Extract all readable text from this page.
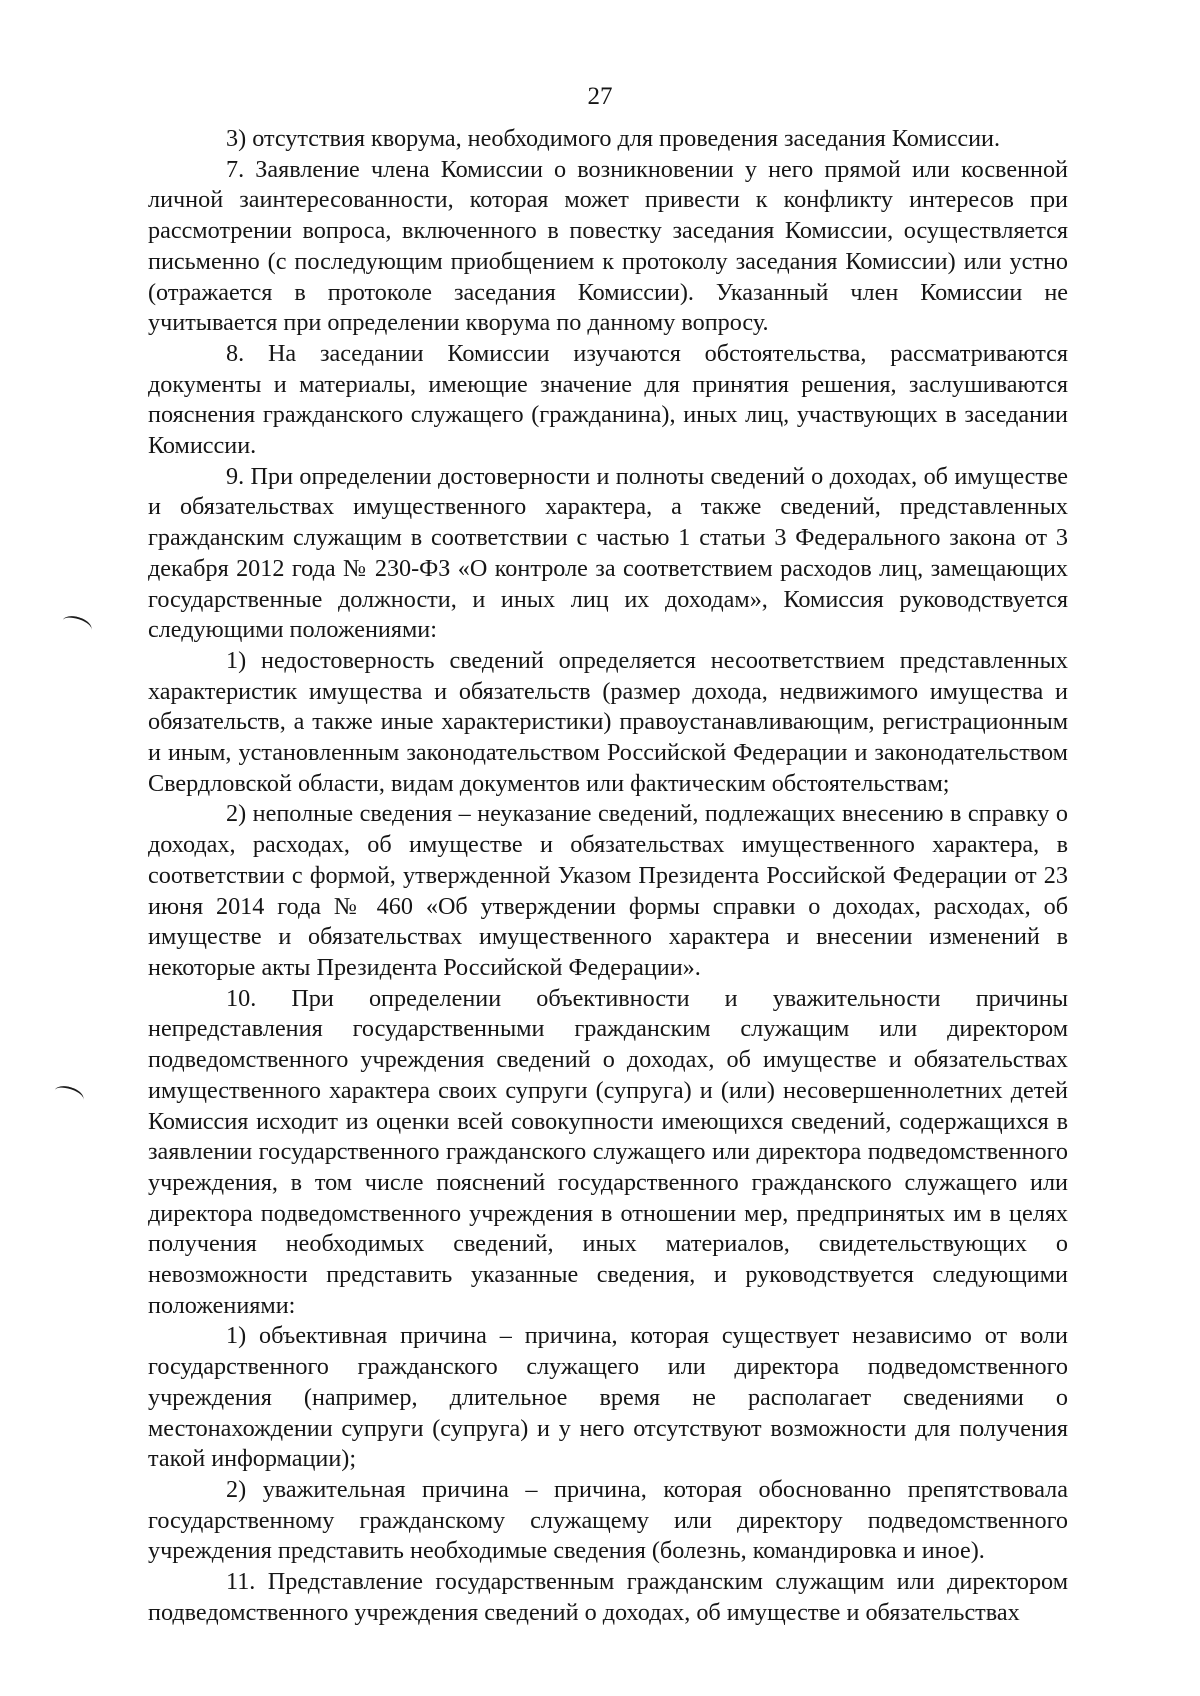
27

3) отсутствия кворума, необходимого для проведения заседания Комиссии.

7. Заявление члена Комиссии о возникновении у него прямой или косвенной личной заинтересованности, которая может привести к конфликту интересов при рассмотрении вопроса, включенного в повестку заседания Комиссии, осуществляется письменно (с последующим приобщением к протоколу заседания Комиссии) или устно (отражается в протоколе заседания Комиссии). Указанный член Комиссии не учитывается при определении кворума по данному вопросу.

8. На заседании Комиссии изучаются обстоятельства, рассматриваются документы и материалы, имеющие значение для принятия решения, заслушиваются пояснения гражданского служащего (гражданина), иных лиц, участвующих в заседании Комиссии.

9. При определении достоверности и полноты сведений о доходах, об имуществе и обязательствах имущественного характера, а также сведений, представленных гражданским служащим в соответствии с частью 1 статьи 3 Федерального закона от 3 декабря 2012 года № 230-ФЗ «О контроле за соответствием расходов лиц, замещающих государственные должности, и иных лиц их доходам», Комиссия руководствуется следующими положениями:

1) недостоверность сведений определяется несоответствием представленных характеристик имущества и обязательств (размер дохода, недвижимого имущества и обязательств, а также иные характеристики) правоустанавливающим, регистрационным и иным, установленным законодательством Российской Федерации и законодательством Свердловской области, видам документов или фактическим обстоятельствам;

2) неполные сведения – неуказание сведений, подлежащих внесению в справку о доходах, расходах, об имуществе и обязательствах имущественного характера, в соответствии с формой, утвержденной Указом Президента Российской Федерации от 23 июня 2014 года № 460 «Об утверждении формы справки о доходах, расходах, об имуществе и обязательствах имущественного характера и внесении изменений в некоторые акты Президента Российской Федерации».

10. При определении объективности и уважительности причины непредставления государственными гражданским служащим или директором подведомственного учреждения сведений о доходах, об имуществе и обязательствах имущественного характера своих супруги (супруга) и (или) несовершеннолетних детей Комиссия исходит из оценки всей совокупности имеющихся сведений, содержащихся в заявлении государственного гражданского служащего или директора подведомственного учреждения, в том числе пояснений государственного гражданского служащего или директора подведомственного учреждения в отношении мер, предпринятых им в целях получения необходимых сведений, иных материалов, свидетельствующих о невозможности представить указанные сведения, и руководствуется следующими положениями:

1) объективная причина – причина, которая существует независимо от воли государственного гражданского служащего или директора подведомственного учреждения (например, длительное время не располагает сведениями о местонахождении супруги (супруга) и у него отсутствуют возможности для получения такой информации);

2) уважительная причина – причина, которая обоснованно препятствовала государственному гражданскому служащему или директору подведомственного учреждения представить необходимые сведения (болезнь, командировка и иное).

11. Представление государственным гражданским служащим или директором подведомственного учреждения сведений о доходах, об имуществе и обязательствах
